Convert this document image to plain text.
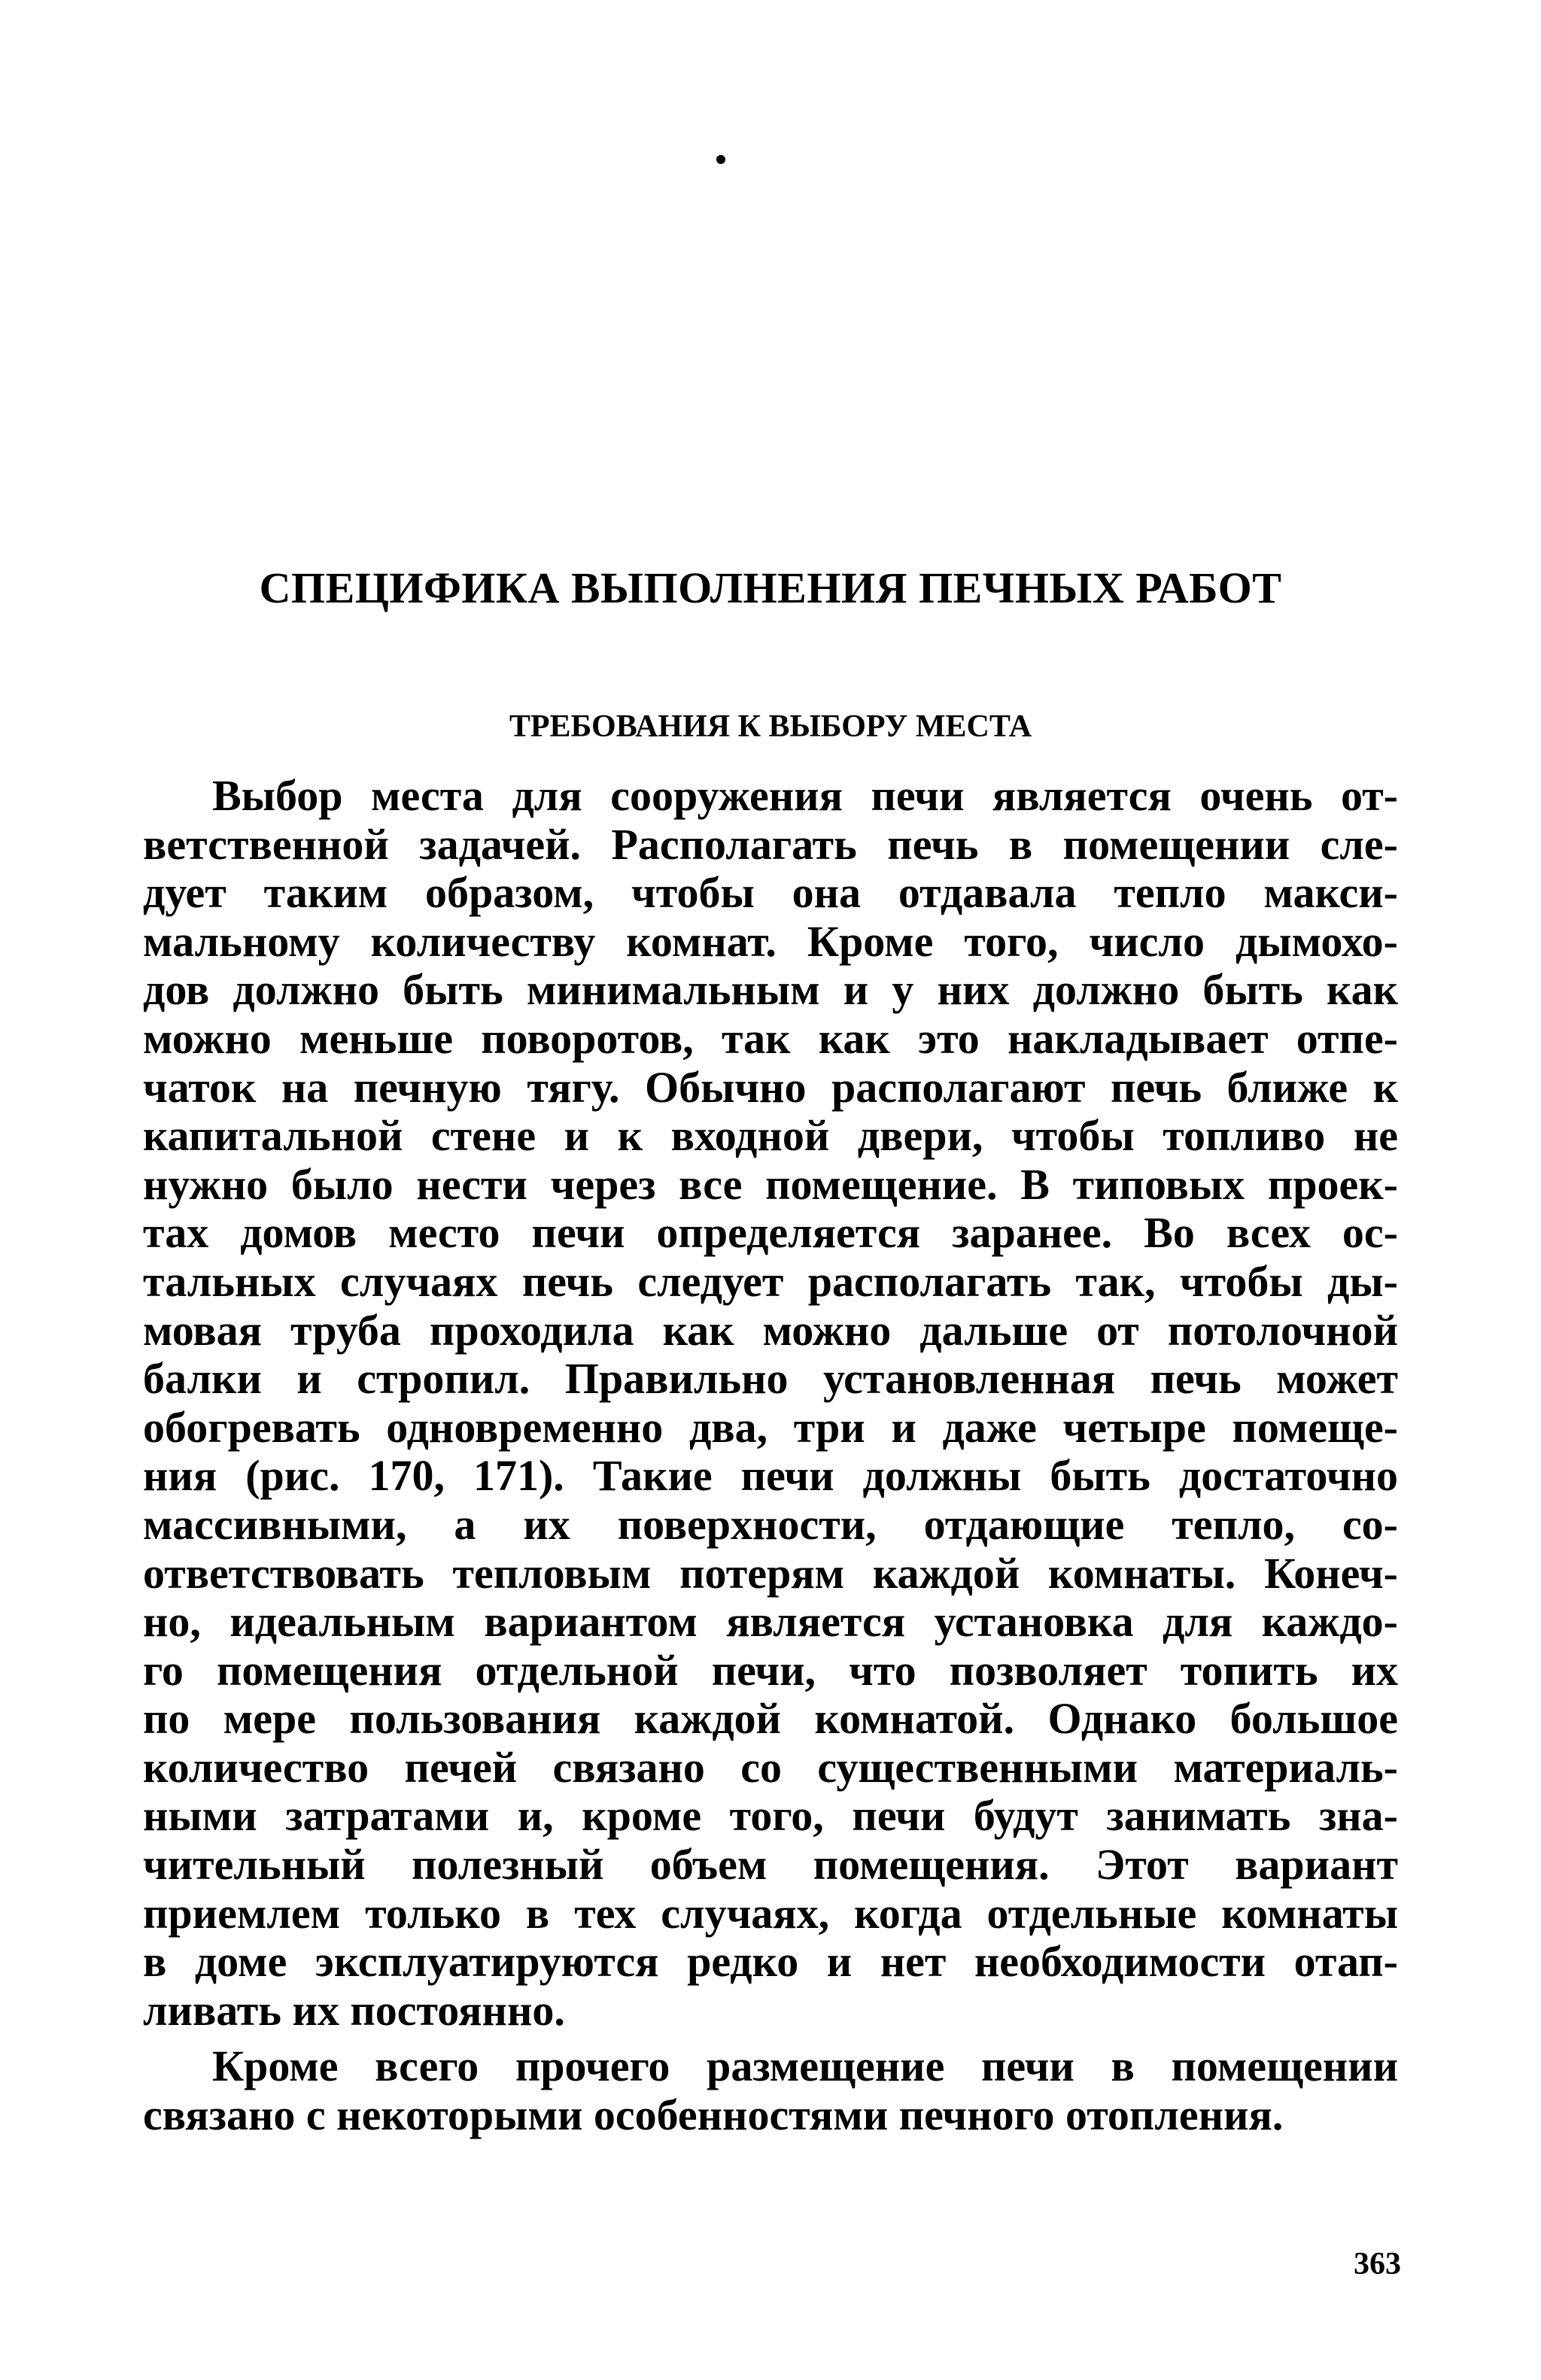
СПЕЦИФИКА ВЫПОЛНЕНИЯ ПЕЧНЫХ РАБОТ
ТРЕБОВАНИЯ К ВЫБОРУ МЕСТА
Выбор места для сооружения печи является очень от-
ветственной задачей. Располагать печь в помещении сле-
дует таким образом, чтобы она отдавала тепло макси-
мальному количеству комнат. Кроме того, число дымохо-
дов должно быть минимальным и у них должно быть как
можно меньше поворотов, так как это накладывает отпе-
чаток на печную тягу. Обычно располагают печь ближе к
капитальной стене и к входной двери, чтобы топливо не
нужно было нести через все помещение. В типовых проек-
тах домов место печи определяется заранее. Во всех ос-
тальных случаях печь следует располагать так, чтобы ды-
мовая труба проходила как можно дальше от потолочной
балки и стропил. Правильно установленная печь может
обогревать одновременно два, три и даже четыре помеще-
ния (рис. 170, 171). Такие печи должны быть достаточно
массивными, а их поверхности, отдающие тепло, со-
ответствовать тепловым потерям каждой комнаты. Конеч-
но, идеальным вариантом является установка для каждо-
го помещения отдельной печи, что позволяет топить их
по мере пользования каждой комнатой. Однако большое
количество печей связано со существенными материаль-
ными затратами и, кроме того, печи будут занимать зна-
чительный полезный объем помещения. Этот вариант
приемлем только в тех случаях, когда отдельные комнаты
в доме эксплуатируются редко и нет необходимости отап-
ливать их постоянно.
Кроме всего прочего размещение печи в помещении
связано с некоторыми особенностями печного отопления.
363
